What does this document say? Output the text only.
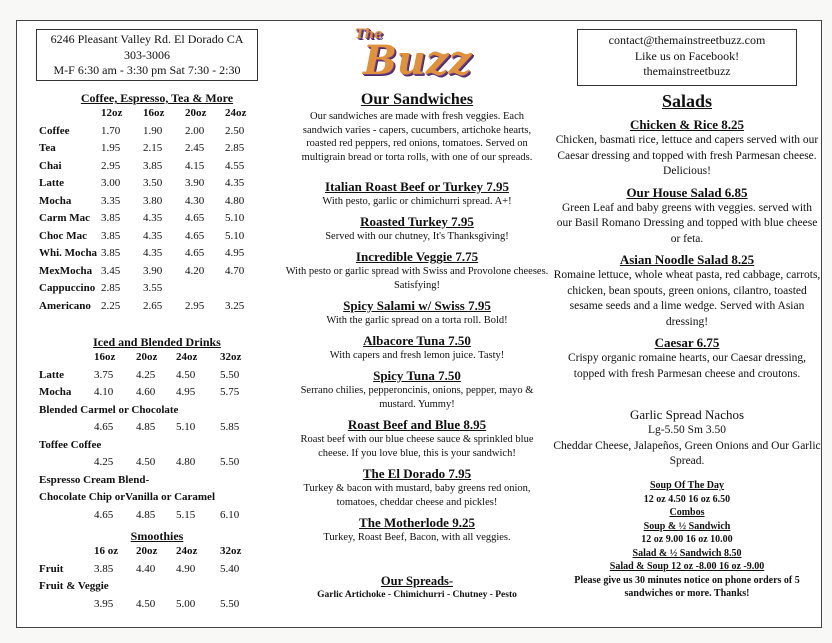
6246 Pleasant Valley Rd. El Dorado CA
303-3006
M-F 6:30 am - 3:30 pm Sat 7:30 - 2:30
Coffee, Espresso, Tea & More
12oz	16oz	20oz	24oz
Coffee	1.70	1.90	2.00	2.50
Tea	1.95	2.15	2.45	2.85
Chai	2.95	3.85	4.15	4.55
Latte	3.00	3.50	3.90	4.35
Mocha	3.35	3.80	4.30	4.80
Carm Mac 3.85	4.35	4.65	5.10
Choc Mac	3.85	4.35	4.65	5.10
Whi. Mocha 3.85	4.35	4.65	4.95
MexMocha 3.45	3.90	4.20	4.70
Cappuccino 2.85	3.55
Americano 2.25	2.65	2.95	3.25
Iced and Blended Drinks
16oz	20oz	24oz	32oz
Latte	3.75	4.25	4.50	5.50
Mocha	4.10	4.60	4.95	5.75
Blended Carmel or Chocolate
4.65	4.85	5.10	5.85
Toffee Coffee
4.25	4.50	4.80	5.50
Espresso Cream Blend-
Chocolate Chip orVanilla or Caramel
4.65	4.85	5.15	6.10
Smoothies
16 oz	20oz	24oz	32oz
Fruit	3.85	4.40	4.90	5.40
Fruit & Veggie
3.95	4.50	5.00	5.50
The
Buzz
Our Sandwiches
Our sandwiches are made with fresh veggies. Each sandwich varies - capers, cucumbers, artichoke hearts, roasted red peppers, red onions, tomatoes. Served on multigrain bread or torta rolls, with one of our spreads.
Italian Roast Beef or Turkey 7.95
With pesto, garlic or chimichurri spread. A+!
Roasted Turkey 7.95
Served with our chutney, It's Thanksgiving!
Incredible Veggie 7.75
With pesto or garlic spread with Swiss and Provolone cheeses. Satisfying!
Spicy Salami w/ Swiss 7.95
With the garlic spread on a torta roll. Bold!
Albacore Tuna 7.50
With capers and fresh lemon juice. Tasty!
Spicy Tuna 7.50
Serrano chilies, pepperoncinis, onions, pepper, mayo & mustard. Yummy!
Roast Beef and Blue 8.95
Roast beef with our blue cheese sauce & sprinkled blue cheese. If you love blue, this is your sandwich!
The El Dorado 7.95
Turkey & bacon with mustard, baby greens red onion, tomatoes, cheddar cheese and pickles!
The Motherlode 9.25
Turkey, Roast Beef, Bacon, with all veggies.
Our Spreads-
Garlic Artichoke - Chimichurri - Chutney - Pesto
contact@themainstreetbuzz.com
Like us on Facebook!
themainstreetbuzz
Salads
Chicken & Rice 8.25
Chicken, basmati rice, lettuce and capers served with our Caesar dressing and topped with fresh Parmesan cheese. Delicious!
Our House Salad 6.85
Green Leaf and baby greens with veggies. served with our Basil Romano Dressing and topped with blue cheese or feta.
Asian Noodle Salad 8.25
Romaine lettuce, whole wheat pasta, red cabbage, carrots, chicken, bean spouts, green onions, cilantro, toasted sesame seeds and a lime wedge. Served with Asian dressing!
Caesar 6.75
Crispy organic romaine hearts, our Caesar dressing, topped with fresh Parmesan cheese and croutons.
Garlic Spread Nachos
Lg-5.50 Sm 3.50
Cheddar Cheese, Jalapeños, Green Onions and Our Garlic Spread.
Soup Of The Day
12 oz 4.50 16 oz 6.50
Combos
Soup & ½ Sandwich
12 oz 9.00 16 oz 10.00
Salad & ½ Sandwich 8.50
Salad & Soup 12 oz -8.00 16 oz -9.00
Please give us 30 minutes notice on phone orders of 5 sandwiches or more. Thanks!
